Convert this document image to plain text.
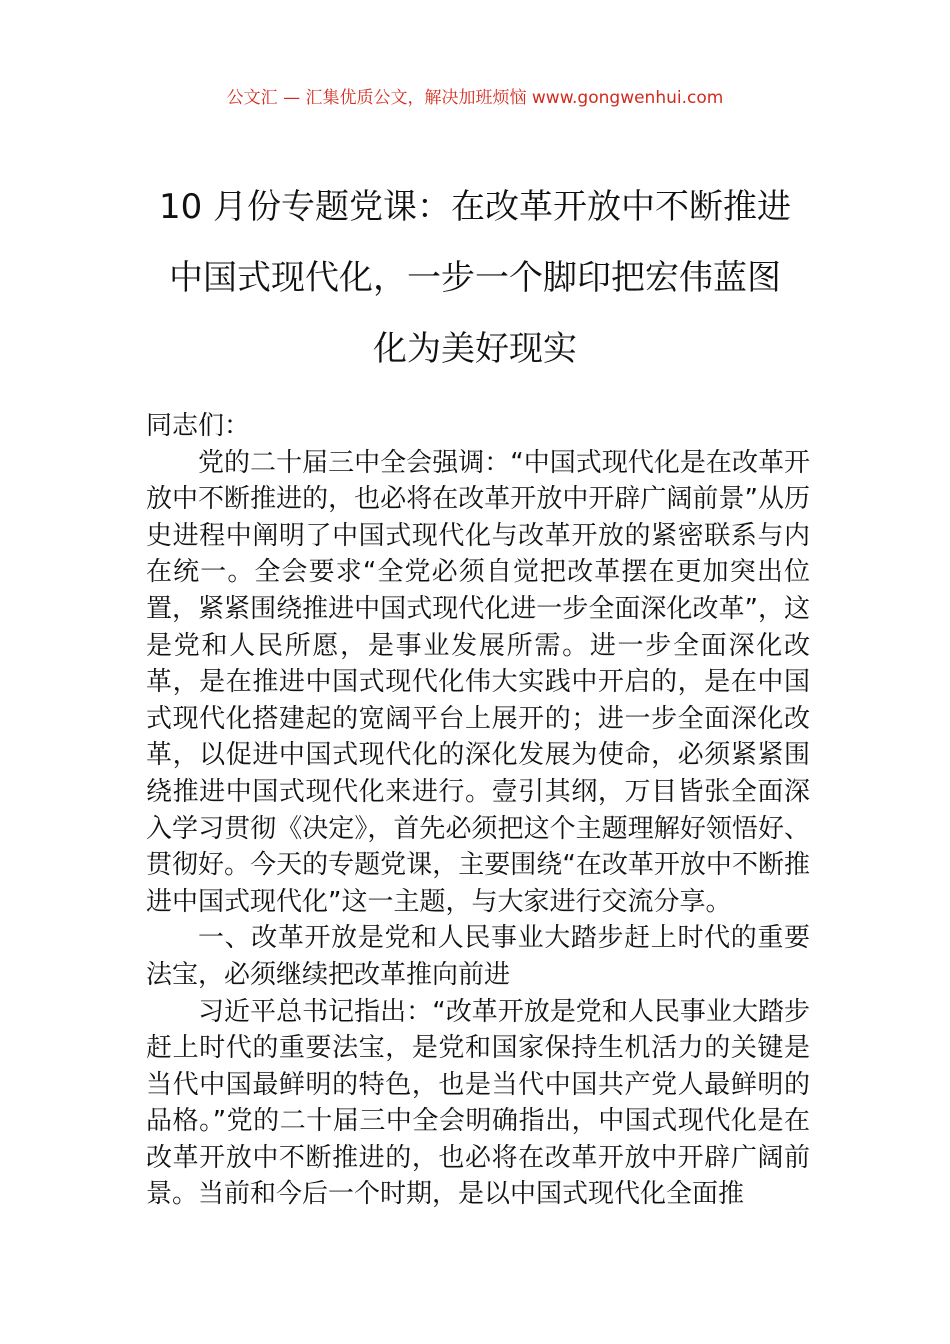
公文汇 — 汇集优质公文，解决加班烦恼 www.gongwenhui.com
10 月份专题党课：在改革开放中不断推进
中国式现代化，一步一个脚印把宏伟蓝图
化为美好现实

同志们：

党的二十届三中全会强调：“中国式现代化是在改革开放中不断推进的，也必将在改革开放中开辟广阔前景”从历史进程中阐明了中国式现代化与改革开放的紧密联系与内在统一。全会要求“全党必须自觉把改革摆在更加突出位置，紧紧围绕推进中国式现代化进一步全面深化改革”，这是党和人民所愿，是事业发展所需。进一步全面深化改革，是在推进中国式现代化伟大实践中开启的，是在中国式现代化搭建起的宽阔平台上展开的；进一步全面深化改革，以促进中国式现代化的深化发展为使命，必须紧紧围绕推进中国式现代化来进行。壹引其纲，万目皆张全面深入学习贯彻《决定》，首先必须把这个主题理解好领悟好、贯彻好。今天的专题党课，主要围绕“在改革开放中不断推进中国式现代化”这一主题，与大家进行交流分享。

一、改革开放是党和人民事业大踏步赶上时代的重要法宝，必须继续把改革推向前进

习近平总书记指出：“改革开放是党和人民事业大踏步赶上时代的重要法宝，是党和国家保持生机活力的关键是当代中国最鲜明的特色，也是当代中国共产党人最鲜明的品格。”党的二十届三中全会明确指出，中国式现代化是在改革开放中不断推进的，也必将在改革开放中开辟广阔前景。当前和今后一个时期，是以中国式现代化全面推
